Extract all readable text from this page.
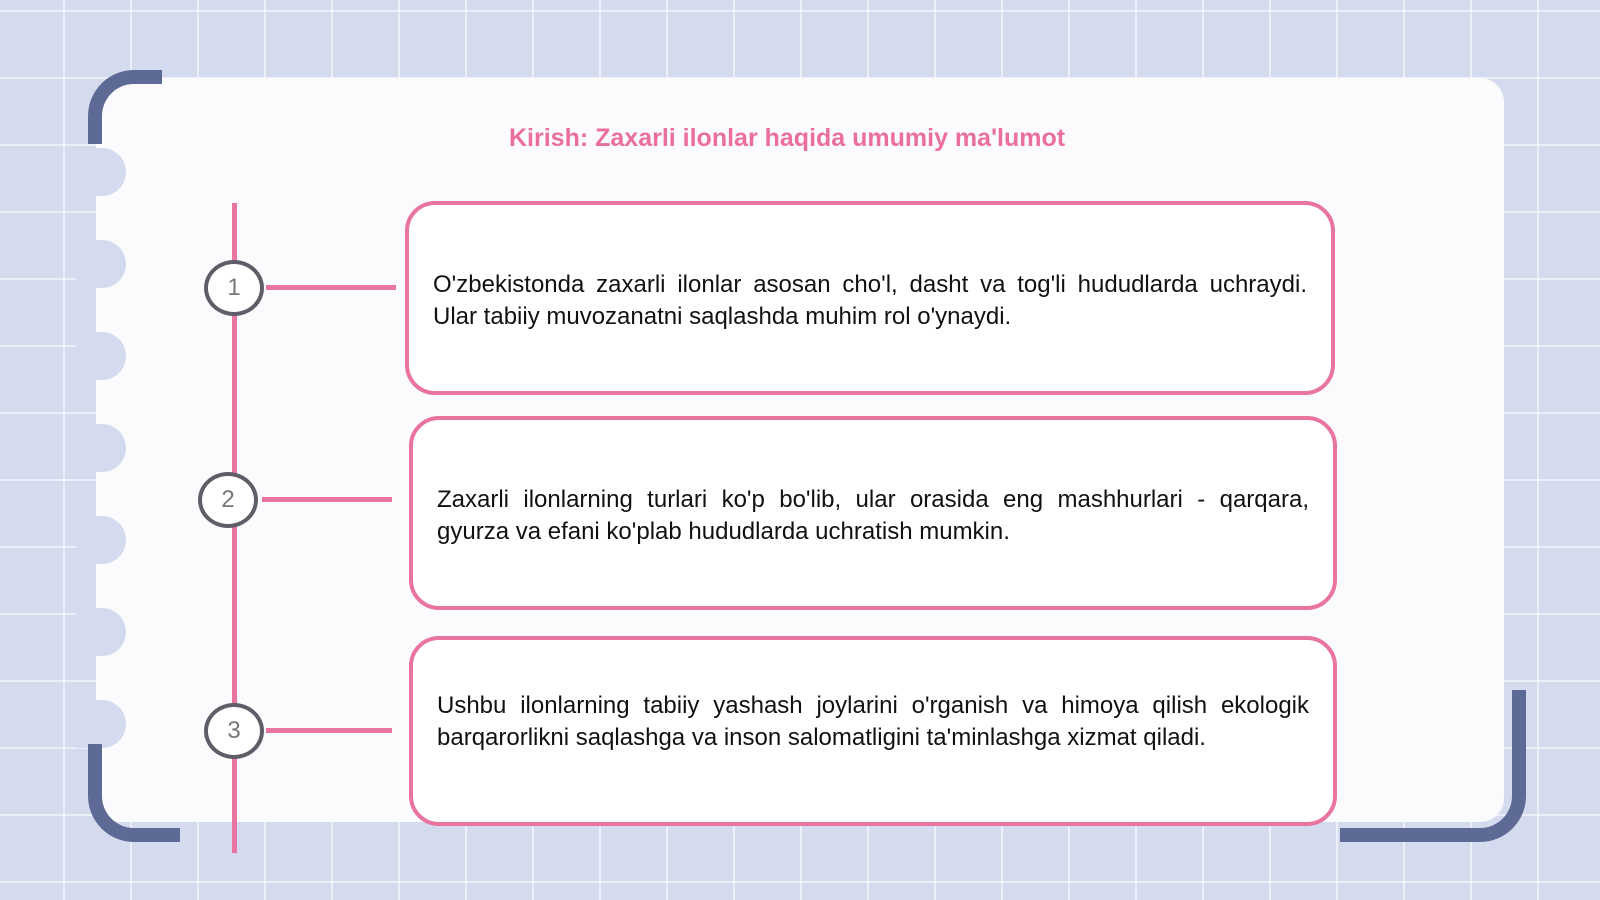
Kirish: Zaxarli ilonlar haqida umumiy ma'lumot
1
2
3
O'zbekistonda zaxarli ilonlar asosan cho'l, dasht va tog'li hududlarda uchraydi. Ular tabiiy muvozanatni saqlashda muhim rol o'ynaydi.
Zaxarli ilonlarning turlari ko'p bo'lib, ular orasida eng mashhurlari - qarqara, gyurza va efani ko'plab hududlarda uchratish mumkin.
Ushbu ilonlarning tabiiy yashash joylarini o'rganish va himoya qilish ekologik barqarorlikni saqlashga va inson salomatligini ta'minlashga xizmat qiladi.
